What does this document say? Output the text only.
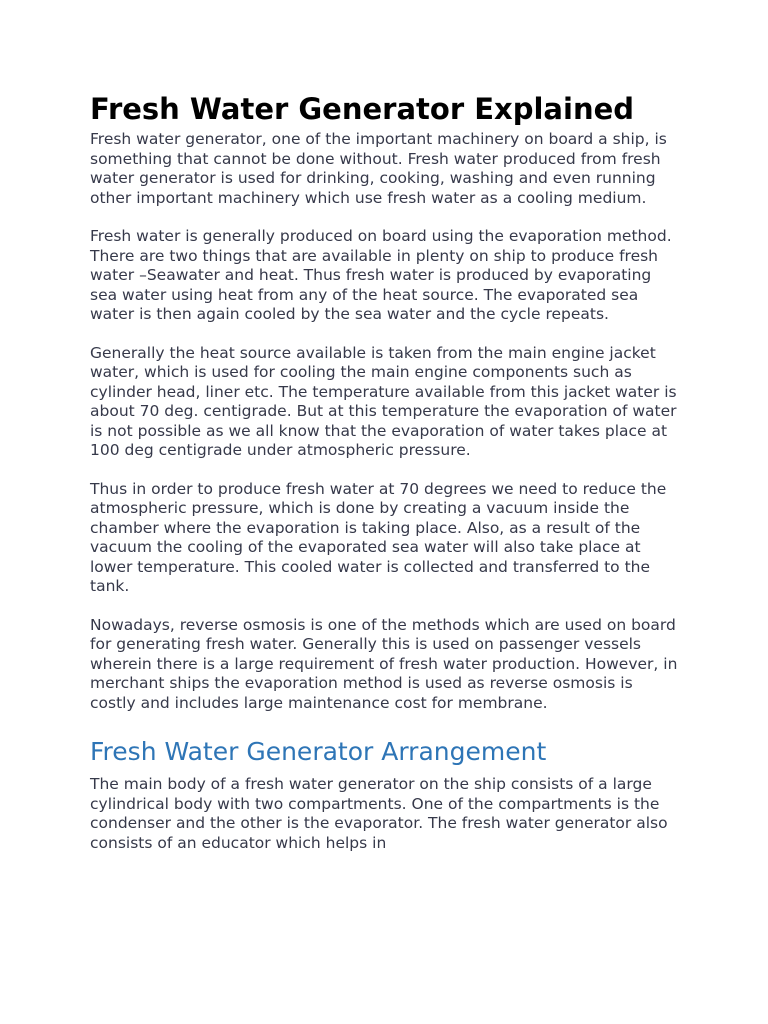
Fresh Water Generator Explained

Fresh water generator, one of the important machinery on board a ship, is something that cannot be done without. Fresh water produced from fresh water generator is used for drinking, cooking, washing and even running other important machinery which use fresh water as a cooling medium.

Fresh water is generally produced on board using the evaporation method. There are two things that are available in plenty on ship to produce fresh water –Seawater and heat. Thus fresh water is produced by evaporating sea water using heat from any of the heat source. The evaporated sea water is then again cooled by the sea water and the cycle repeats.

Generally the heat source available is taken from the main engine jacket water, which is used for cooling the main engine components such as cylinder head, liner etc. The temperature available from this jacket water is about 70 deg. centigrade. But at this temperature the evaporation of water is not possible as we all know that the evaporation of water takes place at 100 deg centigrade under atmospheric pressure.

Thus in order to produce fresh water at 70 degrees we need to reduce the atmospheric pressure, which is done by creating a vacuum inside the chamber where the evaporation is taking place. Also, as a result of the vacuum the cooling of the evaporated sea water will also take place at lower temperature. This cooled water is collected and transferred to the tank.

Nowadays, reverse osmosis is one of the methods which are used on board for generating fresh water. Generally this is used on passenger vessels wherein there is a large requirement of fresh water production. However, in merchant ships the evaporation method is used as reverse osmosis is costly and includes large maintenance cost for membrane.

Fresh Water Generator Arrangement

The main body of a fresh water generator on the ship consists of a large cylindrical body with two compartments. One of the compartments is the condenser and the other is the evaporator. The fresh water generator also consists of an educator which helps in
